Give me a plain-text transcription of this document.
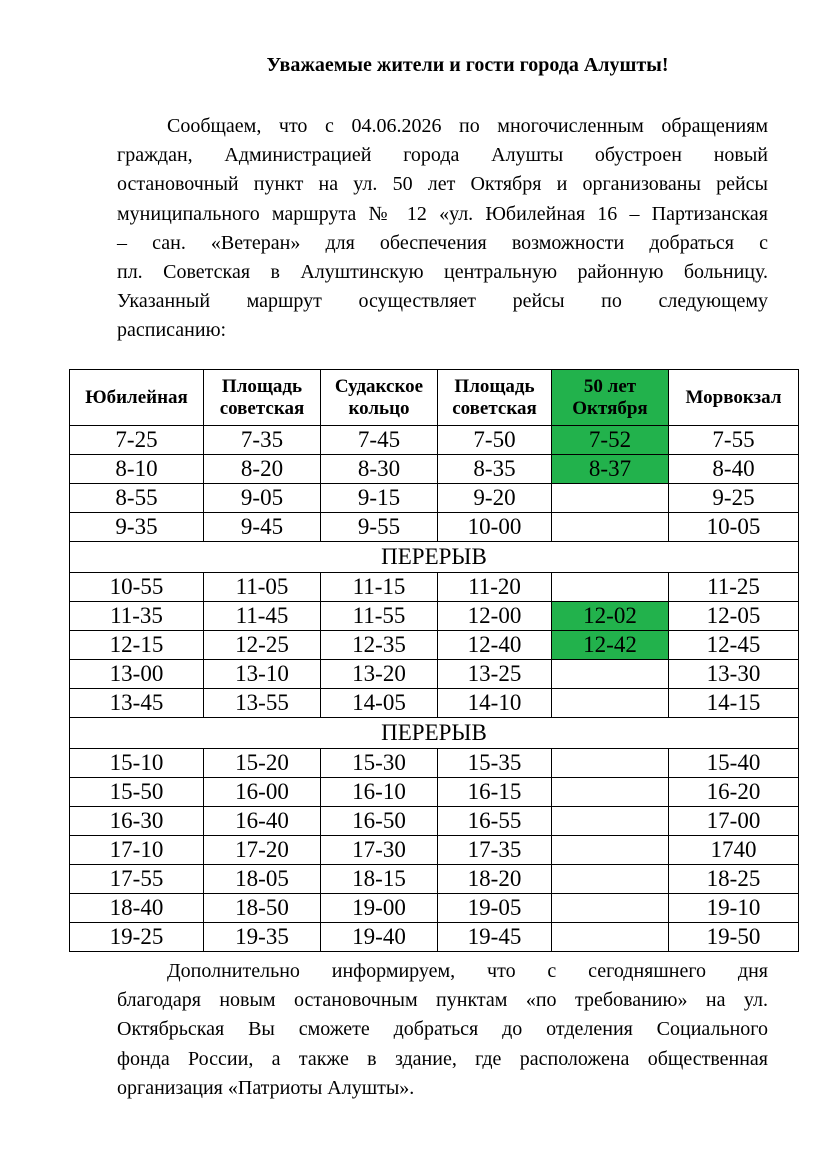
Уважаемые жители и гости города Алушты!
Сообщаем, что с 04.06.2026 по многочисленным обращениям
граждан, Администрацией города Алушты обустроен новый
остановочный пункт на ул. 50 лет Октября и организованы рейсы
муниципального маршрута № 12 «ул. Юбилейная 16 – Партизанская
– сан. «Ветеран» для обеспечения возможности добраться с
пл. Советская в Алуштинскую центральную районную больницу.
Указанный маршрут осуществляет рейсы по следующему
расписанию:
Юбилейная	Площадь советская	Судакское кольцо	Площадь советская	50 лет Октября	Морвокзал
7-25	7-35	7-45	7-50	7-52	7-55
8-10	8-20	8-30	8-35	8-37	8-40
8-55	9-05	9-15	9-20		9-25
9-35	9-45	9-55	10-00		10-05
ПЕРЕРЫВ					
10-55	11-05	11-15	11-20		11-25
11-35	11-45	11-55	12-00	12-02	12-05
12-15	12-25	12-35	12-40	12-42	12-45
13-00	13-10	13-20	13-25		13-30
13-45	13-55	14-05	14-10		14-15
ПЕРЕРЫВ					
15-10	15-20	15-30	15-35		15-40
15-50	16-00	16-10	16-15		16-20
16-30	16-40	16-50	16-55		17-00
17-10	17-20	17-30	17-35		1740
17-55	18-05	18-15	18-20		18-25
18-40	18-50	19-00	19-05		19-10
19-25	19-35	19-40	19-45		19-50
Дополнительно информируем, что с сегодняшнего дня
благодаря новым остановочным пунктам «по требованию» на ул.
Октябрьская Вы сможете добраться до отделения Социального
фонда России, а также в здание, где расположена общественная
организация «Патриоты Алушты».
